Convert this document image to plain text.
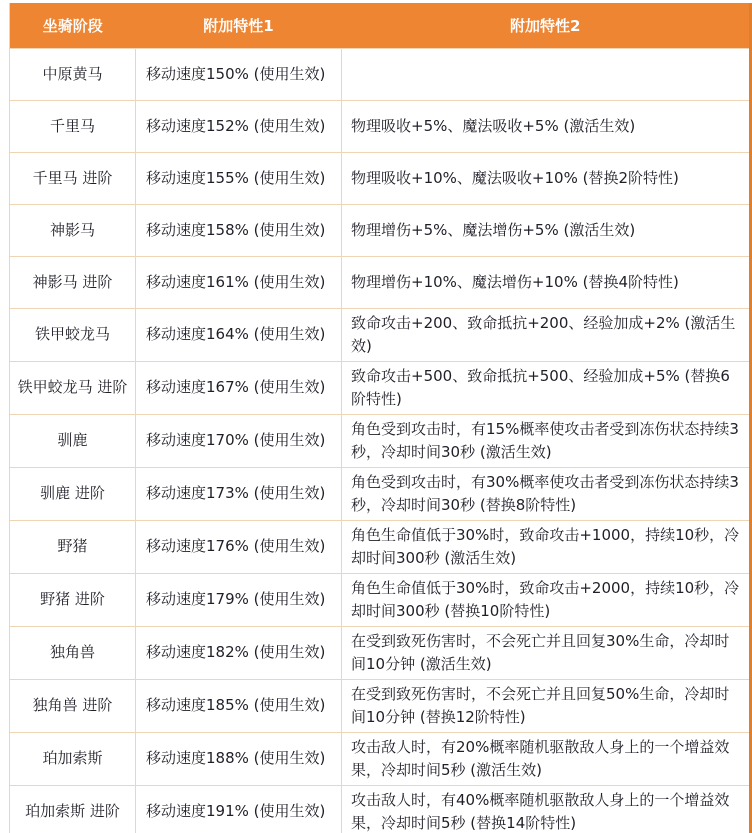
坐骑阶段	附加特性1	附加特性2
中原黄马	移动速度150% (使用生效)	
千里马	移动速度152% (使用生效)	物理吸收+5%、魔法吸收+5% (激活生效)
千里马 进阶	移动速度155% (使用生效)	物理吸收+10%、魔法吸收+10% (替换2阶特性)
神影马	移动速度158% (使用生效)	物理增伤+5%、魔法增伤+5% (激活生效)
神影马 进阶	移动速度161% (使用生效)	物理增伤+10%、魔法增伤+10% (替换4阶特性)
铁甲蛟龙马	移动速度164% (使用生效)	致命攻击+200、致命抵抗+200、经验加成+2% (激活生效)
铁甲蛟龙马 进阶	移动速度167% (使用生效)	致命攻击+500、致命抵抗+500、经验加成+5% (替换6阶特性)
驯鹿	移动速度170% (使用生效)	角色受到攻击时，有15%概率使攻击者受到冻伤状态持续3秒，冷却时间30秒 (激活生效)
驯鹿 进阶	移动速度173% (使用生效)	角色受到攻击时，有30%概率使攻击者受到冻伤状态持续3秒，冷却时间30秒 (替换8阶特性)
野猪	移动速度176% (使用生效)	角色生命值低于30%时，致命攻击+1000，持续10秒，冷却时间300秒 (激活生效)
野猪 进阶	移动速度179% (使用生效)	角色生命值低于30%时，致命攻击+2000，持续10秒，冷却时间300秒 (替换10阶特性)
独角兽	移动速度182% (使用生效)	在受到致死伤害时，不会死亡并且回复30%生命，冷却时间10分钟 (激活生效)
独角兽 进阶	移动速度185% (使用生效)	在受到致死伤害时，不会死亡并且回复50%生命，冷却时间10分钟 (替换12阶特性)
珀加索斯	移动速度188% (使用生效)	攻击敌人时，有20%概率随机驱散敌人身上的一个增益效果，冷却时间5秒 (激活生效)
珀加索斯 进阶	移动速度191% (使用生效)	攻击敌人时，有40%概率随机驱散敌人身上的一个增益效果，冷却时间5秒 (替换14阶特性)
